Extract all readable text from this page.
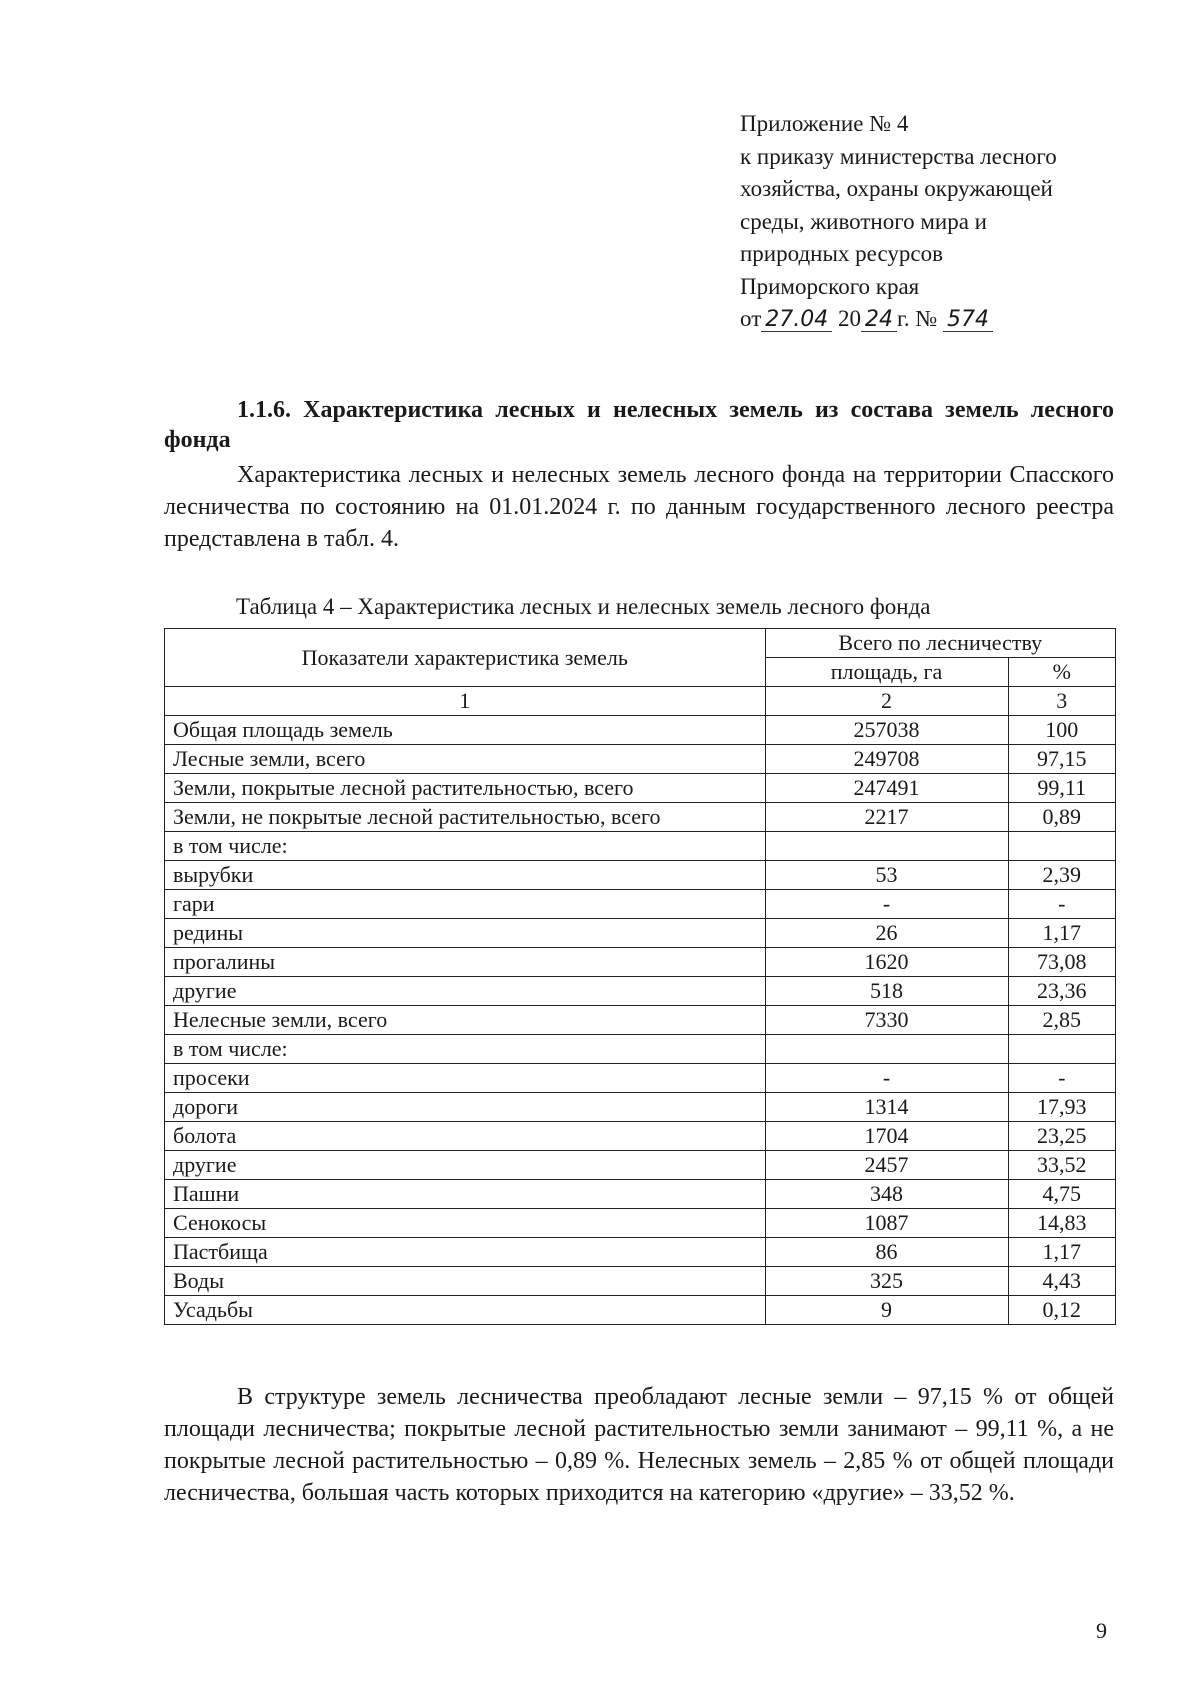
Приложение № 4
к приказу министерства лесного
хозяйства, охраны окружающей
среды, животного мира и
природных ресурсов
Приморского края
от 27.04 20 24 г. № 574

1.1.6. Характеристика лесных и нелесных земель из состава земель лесного фонда

Характеристика лесных и нелесных земель лесного фонда на территории Спасского лесничества по состоянию на 01.01.2024 г. по данным государственного лесного реестра представлена в табл. 4.

Таблица 4 – Характеристика лесных и нелесных земель лесного фонда
Показатели характеристика земель	Всего по лесничеству	
	площадь, га	%
1	2	3
Общая площадь земель	257038	100
Лесные земли, всего	249708	97,15
Земли, покрытые лесной растительностью, всего	247491	99,11
Земли, не покрытые лесной растительностью, всего	2217	0,89
в том числе:		
вырубки	53	2,39
гари	-	-
редины	26	1,17
прогалины	1620	73,08
другие	518	23,36
Нелесные земли, всего	7330	2,85
в том числе:		
просеки	-	-
дороги	1314	17,93
болота	1704	23,25
другие	2457	33,52
Пашни	348	4,75
Сенокосы	1087	14,83
Пастбища	86	1,17
Воды	325	4,43
Усадьбы	9	0,12

В структуре земель лесничества преобладают лесные земли – 97,15 % от общей площади лесничества; покрытые лесной растительностью земли занимают – 99,11 %, а не покрытые лесной растительностью – 0,89 %. Нелесных земель – 2,85 % от общей площади лесничества, большая часть которых приходится на категорию «другие» – 33,52 %.

9
